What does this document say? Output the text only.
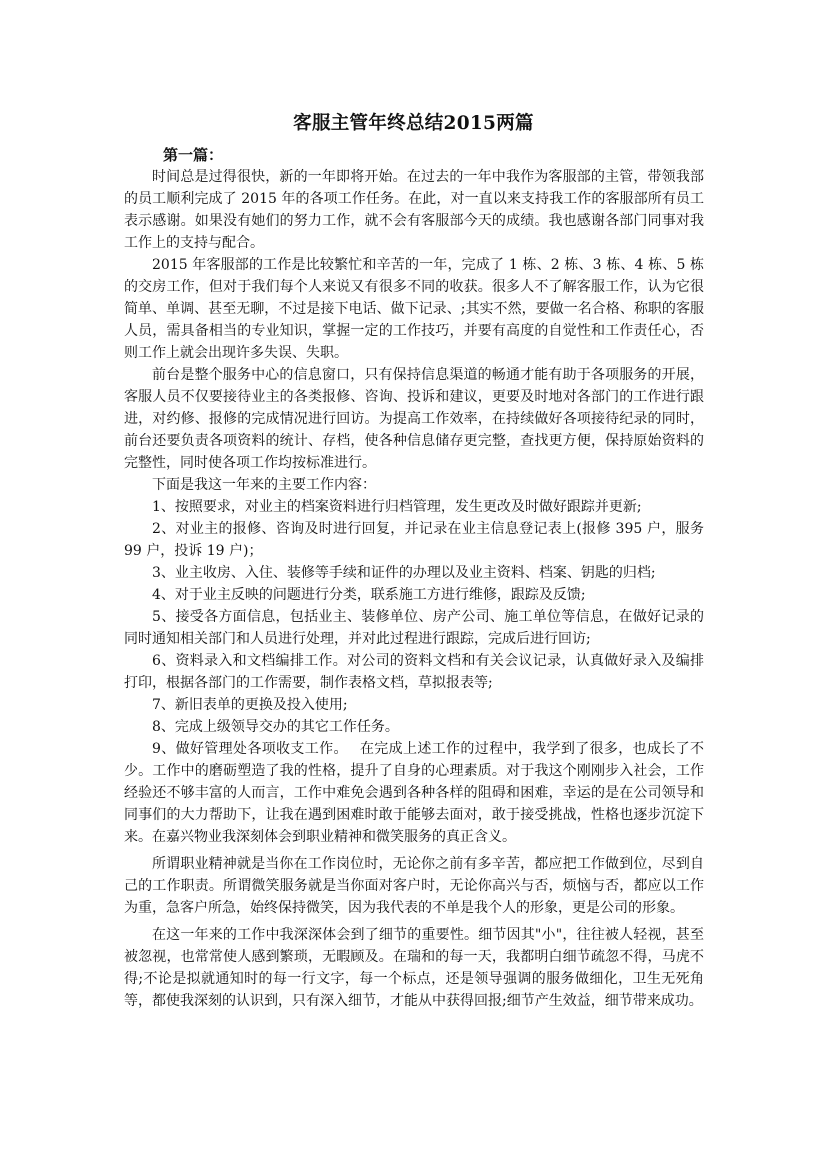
客服主管年终总结2015两篇
第一篇：

时间总是过得很快，新的一年即将开始。在过去的一年中我作为客服部的主管，带领我部的员工顺利完成了 2015 年的各项工作任务。在此，对一直以来支持我工作的客服部所有员工表示感谢。如果没有她们的努力工作，就不会有客服部今天的成绩。我也感谢各部门同事对我工作上的支持与配合。

2015 年客服部的工作是比较繁忙和辛苦的一年，完成了 1 栋、2 栋、3 栋、4 栋、5 栋的交房工作，但对于我们每个人来说又有很多不同的收获。很多人不了解客服工作，认为它很简单、单调、甚至无聊，不过是接下电话、做下记录、;其实不然，要做一名合格、称职的客服人员，需具备相当的专业知识，掌握一定的工作技巧，并要有高度的自觉性和工作责任心，否则工作上就会出现许多失误、失职。

前台是整个服务中心的信息窗口，只有保持信息渠道的畅通才能有助于各项服务的开展，客服人员不仅要接待业主的各类报修、咨询、投诉和建议，更要及时地对各部门的工作进行跟进，对约修、报修的完成情况进行回访。为提高工作效率，在持续做好各项接待纪录的同时，前台还要负责各项资料的统计、存档，使各种信息储存更完整，查找更方便，保持原始资料的完整性，同时使各项工作均按标准进行。

下面是我这一年来的主要工作内容：

1、按照要求，对业主的档案资料进行归档管理，发生更改及时做好跟踪并更新;

2、对业主的报修、咨询及时进行回复，并记录在业主信息登记表上(报修 395 户，服务 99 户，投诉 19 户)；

3、业主收房、入住、装修等手续和证件的办理以及业主资料、档案、钥匙的归档;

4、对于业主反映的问题进行分类，联系施工方进行维修，跟踪及反馈;

5、接受各方面信息，包括业主、装修单位、房产公司、施工单位等信息，在做好记录的同时通知相关部门和人员进行处理，并对此过程进行跟踪，完成后进行回访;

6、资料录入和文档编排工作。对公司的资料文档和有关会议记录，认真做好录入及编排打印，根据各部门的工作需要，制作表格文档，草拟报表等;

7、新旧表单的更换及投入使用;

8、完成上级领导交办的其它工作任务。

9、做好管理处各项收支工作。　 在完成上述工作的过程中，我学到了很多，也成长了不少。工作中的磨砺塑造了我的性格，提升了自身的心理素质。对于我这个刚刚步入社会，工作经验还不够丰富的人而言，工作中难免会遇到各种各样的阻碍和困难，幸运的是在公司领导和同事们的大力帮助下，让我在遇到困难时敢于能够去面对，敢于接受挑战，性格也逐步沉淀下来。在嘉兴物业我深刻体会到职业精神和微笑服务的真正含义。

所谓职业精神就是当你在工作岗位时，无论你之前有多辛苦，都应把工作做到位，尽到自己的工作职责。所谓微笑服务就是当你面对客户时，无论你高兴与否，烦恼与否，都应以工作为重，急客户所急，始终保持微笑，因为我代表的不单是我个人的形象，更是公司的形象。

在这一年来的工作中我深深体会到了细节的重要性。细节因其"小"，往往被人轻视，甚至被忽视，也常常使人感到繁琐，无暇顾及。在瑞和的每一天，我都明白细节疏忽不得，马虎不得;不论是拟就通知时的每一行文字，每一个标点，还是领导强调的服务做细化，卫生无死角等，都使我深刻的认识到，只有深入细节，才能从中获得回报;细节产生效益，细节带来成功。
